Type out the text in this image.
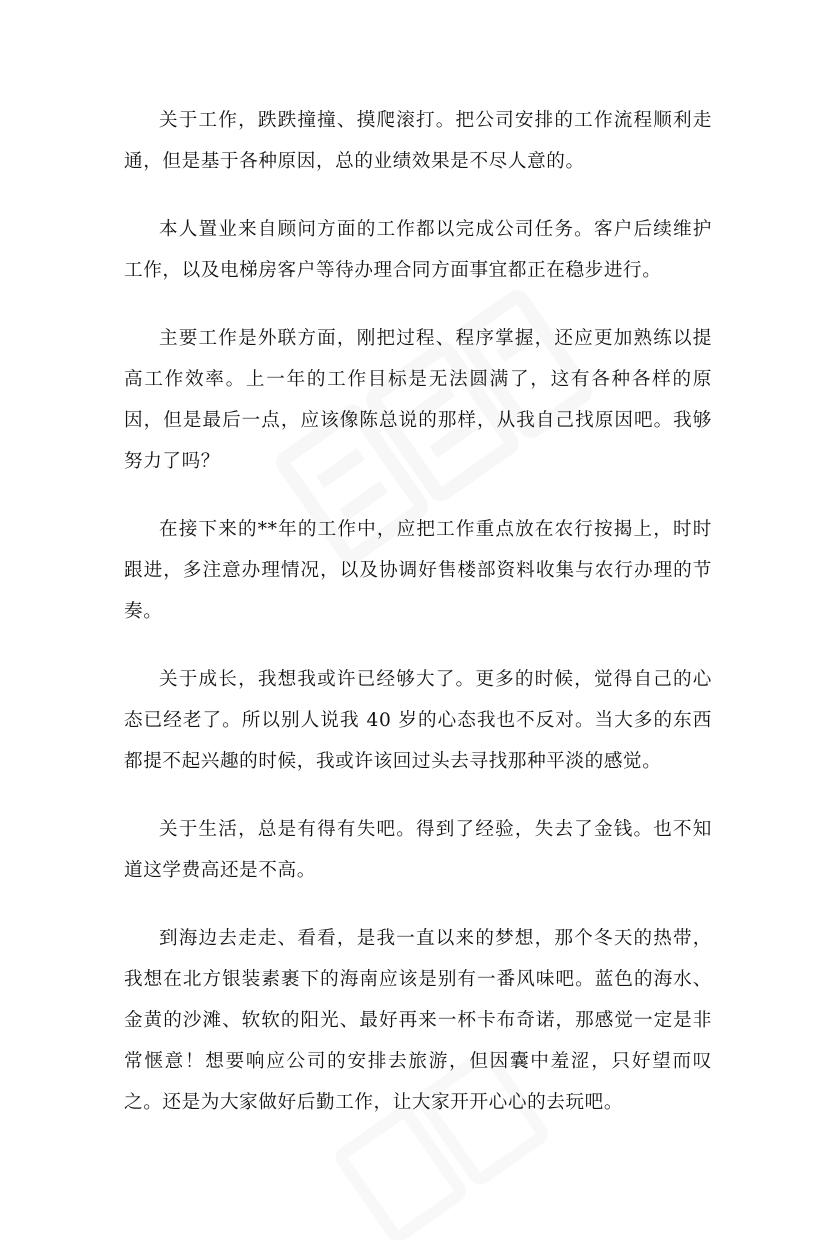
关于工作，跌跌撞撞、摸爬滚打。把公司安排的工作流程顺利走通，但是基于各种原因，总的业绩效果是不尽人意的。

本人置业来自顾问方面的工作都以完成公司任务。客户后续维护工作，以及电梯房客户等待办理合同方面事宜都正在稳步进行。

主要工作是外联方面，刚把过程、程序掌握，还应更加熟练以提高工作效率。上一年的工作目标是无法圆满了，这有各种各样的原因，但是最后一点，应该像陈总说的那样，从我自己找原因吧。我够努力了吗？

在接下来的**年的工作中，应把工作重点放在农行按揭上，时时跟进，多注意办理情况，以及协调好售楼部资料收集与农行办理的节奏。

关于成长，我想我或许已经够大了。更多的时候，觉得自己的心态已经老了。所以别人说我 40 岁的心态我也不反对。当大多的东西都提不起兴趣的时候，我或许该回过头去寻找那种平淡的感觉。

关于生活，总是有得有失吧。得到了经验，失去了金钱。也不知道这学费高还是不高。

到海边去走走、看看，是我一直以来的梦想，那个冬天的热带，我想在北方银装素裹下的海南应该是别有一番风味吧。蓝色的海水、金黄的沙滩、软软的阳光、最好再来一杯卡布奇诺，那感觉一定是非常惬意！想要响应公司的安排去旅游，但因囊中羞涩，只好望而叹之。还是为大家做好后勤工作，让大家开开心心的去玩吧。
